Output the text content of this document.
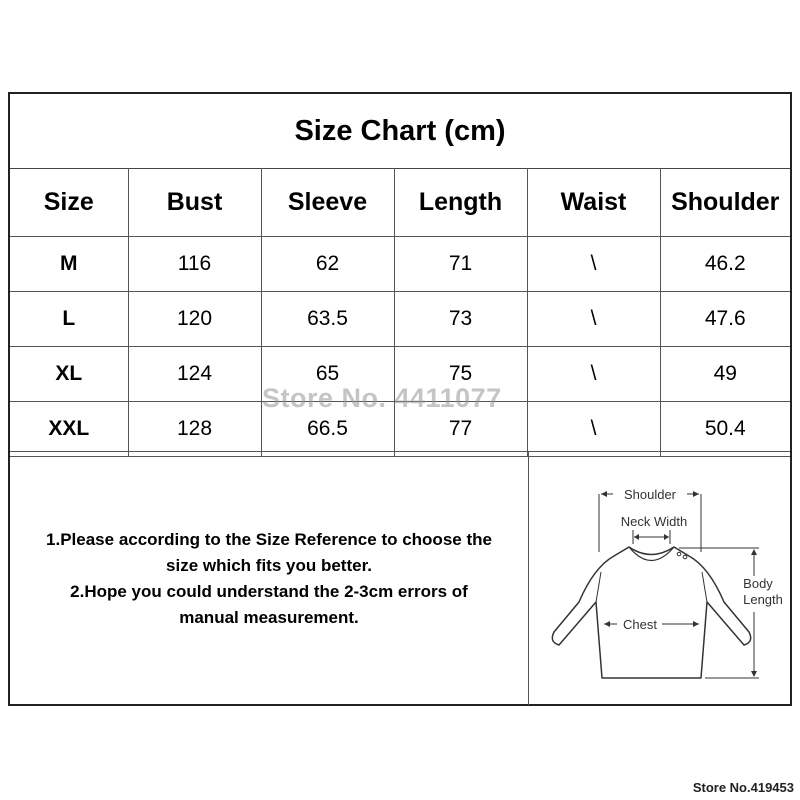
Size Chart (cm)
Size	Bust	Sleeve	Length	Waist	Shoulder
M	116	62	71	\	46.2
L	120	63.5	73	\	47.6
XL	124	65	75	\	49
XXL	128	66.5	77	\	50.4

1.Please according to the Size Reference to choose the

size which fits you better.

2.Hope you could understand the 2-3cm errors of

manual measurement.

Shoulder
Neck Width
Chest
Body
Length
Store No. 4411077
Store No.419453
